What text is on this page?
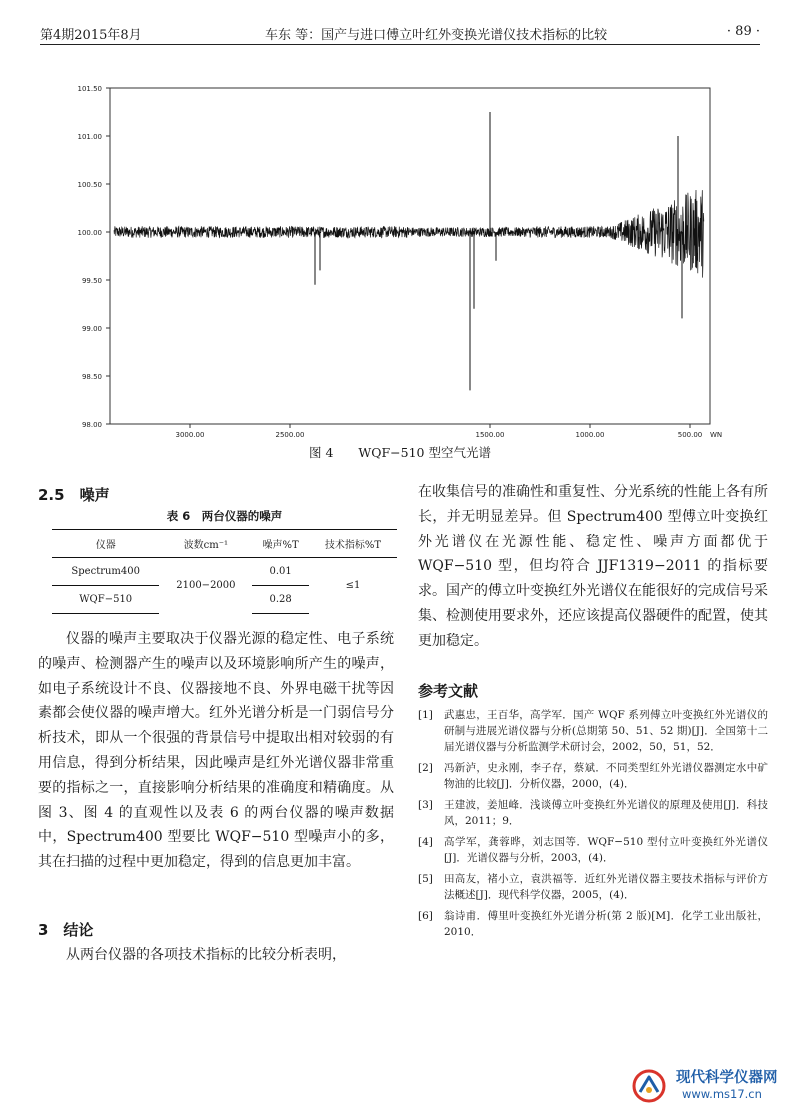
第4期2015年8月	车东 等：国产与进口傅立叶红外变换光谱仪技术指标的比较	· 89 ·
101.50
101.00
100.50
100.00
99.50
99.00
98.50
98.00
3000.00	2500.00	1500.00	1000.00	500.00 WN
图 4　　WQF−510 型空气光谱
2.5　噪声
表 6　两台仪器的噪声
仪器	波数cm⁻¹	噪声%T	技术指标%T
Spectrum400	2100−2000	0.01	≤1
WQF−510		0.28	

仪器的噪声主要取决于仪器光源的稳定性、电子系统的噪声、检测器产生的噪声以及环境影响所产生的噪声，如电子系统设计不良、仪器接地不良、外界电磁干扰等因素都会使仪器的噪声增大。红外光谱分析是一门弱信号分析技术，即从一个很强的背景信号中提取出相对较弱的有用信息，得到分析结果，因此噪声是红外光谱仪器非常重要的指标之一，直接影响分析结果的准确度和精确度。从图 3、图 4 的直观性以及表 6 的两台仪器的噪声数据中，Spectrum400 型要比 WQF−510 型噪声小的多，其在扫描的过程中更加稳定，得到的信息更加丰富。

3　结论

从两台仪器的各项技术指标的比较分析表明，

在收集信号的准确性和重复性、分光系统的性能上各有所长，并无明显差异。但 Spectrum400 型傅立叶变换红外光谱仪在光源性能、稳定性、噪声方面都优于 WQF−510 型，但均符合 JJF1319−2011 的指标要求。国产的傅立叶变换红外光谱仪在能很好的完成信号采集、检测使用要求外，还应该提高仪器硬件的配置，使其更加稳定。

参考文献
[1]	武惠忠，王百华，高学军．国产 WQF 系列傅立叶变换红外光谱仪的研制与进展光谱仪器与分析(总期第 50、51、52 期)[J]．全国第十二届光谱仪器与分析监测学术研讨会，2002，50，51，52．
[2]	冯新泸，史永刚，李子存，蔡斌．不同类型红外光谱仪器测定水中矿物油的比较[J]．分析仪器，2000，(4)．
[3]	王建波，姜旭峰．浅谈傅立叶变换红外光谱仪的原理及使用[J]．科技风，2011；9．
[4]	高学军，龚蓉晔，刘志国等．WQF−510 型付立叶变换红外光谱仪[J]．光谱仪器与分析，2003，(4)．
[5]	田高友，褚小立，袁洪福等．近红外光谱仪器主要技术指标与评价方法概述[J]．现代科学仪器，2005，(4)．
[6]	翁诗甫．傅里叶变换红外光谱分析(第 2 版)[M]．化学工业出版社，2010．
现代科学仪器网
www.ms17.cn
